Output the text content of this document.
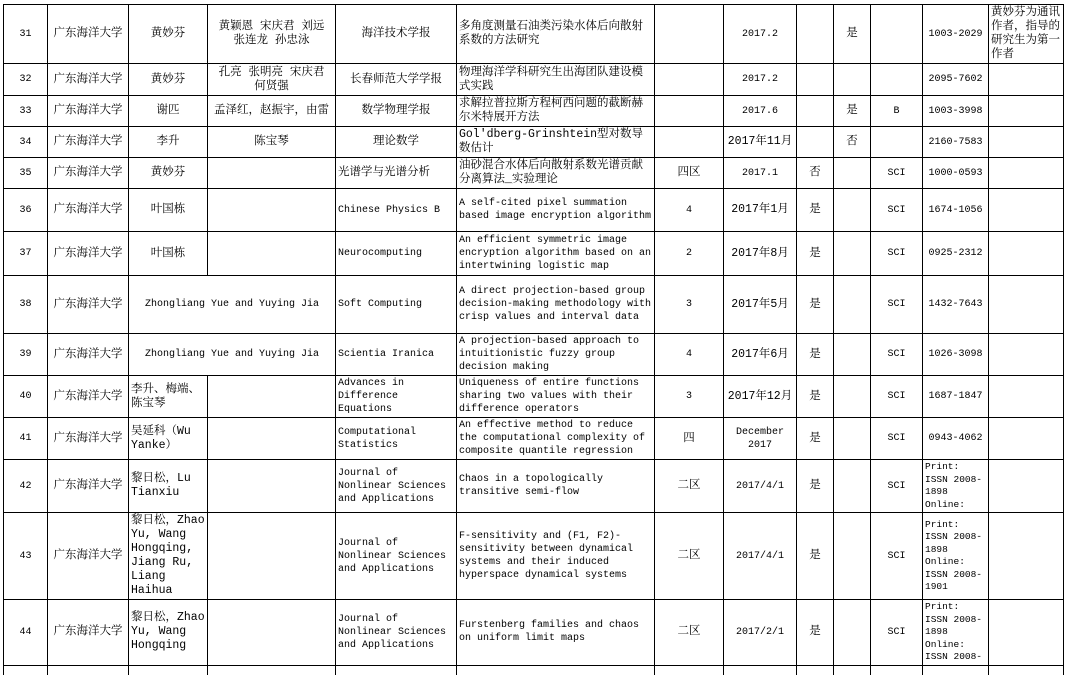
31	广东海洋大学	黄妙芬	黄颖恩 宋庆君 刘远 张连龙 孙忠泳	海洋技术学报	多角度测量石油类污染水体后向散射系数的方法研究		2017.2		是		1003-2029	黄妙芬为通讯作者，指导的研究生为第一作者
32	广东海洋大学	黄妙芬	孔亮 张明亮 宋庆君 何贤强	长春师范大学学报	物理海洋学科研究生出海团队建设模式实践		2017.2				2095-7602	
33	广东海洋大学	谢匹	孟泽红，赵振宇，由雷	数学物理学报	求解拉普拉斯方程柯西问题的截断赫尔米特展开方法		2017.6		是	B	1003-3998	
34	广东海洋大学	李升	陈宝琴	理论数学	Gol'dberg-Grinshtein型对数导数估计		2017年11月		否		2160-7583	
35	广东海洋大学	黄妙芬		光谱学与光谱分析	油砂混合水体后向散射系数光谱贡献分离算法_实验理论	四区	2017.1	否		SCI	1000-0593	
36	广东海洋大学	叶国栋		Chinese Physics B	A self-cited pixel summation based image encryption algorithm	4	2017年1月	是		SCI	1674-1056	
37	广东海洋大学	叶国栋		Neurocomputing	An efficient symmetric image encryption algorithm based on an intertwining logistic map	2	2017年8月	是		SCI	0925-2312	
38	广东海洋大学	Zhongliang Yue and Yuying Jia		Soft Computing	A direct projection-based group decision-making methodology with crisp values and interval data	3	2017年5月	是		SCI	1432-7643	
39	广东海洋大学	Zhongliang Yue and Yuying Jia		Scientia Iranica	A projection-based approach to intuitionistic fuzzy group decision making	4	2017年6月	是		SCI	1026-3098	
40	广东海洋大学	李升、梅端、陈宝琴		Advances in Difference Equations	Uniqueness of entire functions sharing two values with their difference operators	3	2017年12月	是		SCI	1687-1847	
41	广东海洋大学	吴延科（Wu Yanke）		Computational Statistics	An effective method to reduce the computational complexity of composite quantile regression	四	December 2017	是		SCI	0943-4062	
42	广东海洋大学	黎日松，Lu Tianxiu		Journal of Nonlinear Sciences and Applications	Chaos in a topologically transitive semi-flow	二区	2017/4/1	是		SCI	Print: ISSN 2008-1898 Online:	
43	广东海洋大学	黎日松，Zhao Yu, Wang Hongqing, Jiang Ru, Liang Haihua		Journal of Nonlinear Sciences and Applications	F-sensitivity and (F1, F2)-sensitivity between dynamical systems and their induced hyperspace dynamical systems	二区	2017/4/1	是		SCI	Print: ISSN 2008-1898 Online: ISSN 2008-1901	
44	广东海洋大学	黎日松，Zhao Yu, Wang Hongqing		Journal of Nonlinear Sciences and Applications	Furstenberg families and chaos on uniform limit maps	二区	2017/2/1	是		SCI	Print: ISSN 2008-1898 Online: ISSN 2008-	
